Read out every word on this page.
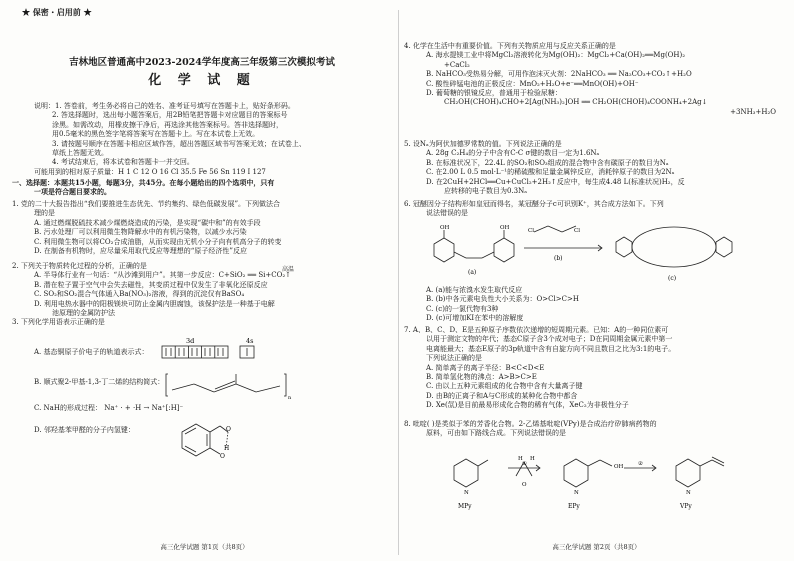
★ 保密・启用前 ★
吉林地区普通高中2023-2024学年度高三年级第三次模拟考试
化 学 试 题
说明：1. 答卷前，考生务必将自己的姓名、准考证号填写在答题卡上，贴好条形码。
2. 答选择题时，选出每小题答案后，用2B铅笔把答题卡对应题目的答案标号
涂黑。如需改动，用橡皮擦干净后，再选涂其他答案标号。答非选择题时，
用0.5毫米的黑色签字笔将答案写在答题卡上。写在本试卷上无效。
3. 请按题号顺序在答题卡相应区域作答，超出答题区域书写答案无效；在试卷上、
草纸上答题无效。
4. 考试结束后，将本试卷和答题卡一并交回。
可能用到的相对原子质量：H 1 C 12 O 16 Cl 35.5 Fe 56 Sn 119 I 127
一、选择题：本题共15小题，每题3分，共45分。在每小题给出的四个选项中，只有
一项是符合题目要求的。
1. 党的二十大报告指出“我们要推进生态优先、节约集约、绿色低碳发展”。下列做法合
理的是
A. 通过燃煤脱硫技术减少煤燃烧造成的污染，是实现“碳中和”的有效手段
B. 污水处理厂可以利用微生物降解水中的有机污染物，以减少水污染
C. 利用微生物可以将CO₂合成油脂，从而实现由无机小分子向有机高分子的转变
D. 在制备有机物时，应尽量采用取代反应等理想的“原子经济性”反应
2. 下列关于物质转化过程的分析，正确的是
A. 半导体行业有一句话：“从沙滩到用户”。其第一步反应：C+SiO₂ ══ Si+CO₂↑
高温
B. 潜在粒子置于空气中会失去磁性，其变质过程中仅发生了非氧化还原反应
C. SO₂和SO₂混合气体通入Ba(NO₃)₂溶液，得到的沉淀仅有BaSO₄
D. 利用电热水器中的阳极镁块可防止金属内胆腐蚀，该保护法是一种基于电解
池原理的金属防护法
3. 下列化学用语表示正确的是
A. 基态铜原子价电子的轨道表示式：
3d	4s
B. 顺式聚2-甲基-1,3-丁二烯的结构简式：
n
C. NaH的形成过程： Na⁺ · + ·H → Na⁺[:H]⁻
D. 邻羟基苯甲醛的分子内氢键：	O
O
H
高三化学试题 第1页（共8页）
4. 化学在生活中有重要价值。下列有关物质应用与反应关系正确的是
A. 海水提镁工业中将MgCl₂溶液转化为Mg(OH)₂：MgCl₂+Ca(OH)₂══Mg(OH)₂
+CaCl₂
B. NaHCO₃受热易分解，可用作泡沫灭火剂：2NaHCO₃ ══ Na₂CO₃+CO₂↑+H₂O
C. 酸性碎锰电池的正极反应：MnO₂+H₂O+e⁻══MnO(OH)+OH⁻
D. 葡萄糖的银镜反应，普通用于检验尿糖：
CH₂OH(CHOH)₄CHO+2[Ag(NH₃)₂]OH ══ CH₂OH(CHOH)₄COONH₄+2Ag↓
+3NH₃+H₂O
5. 设Nₐ为阿伏加德罗常数的值。下列说法正确的是
A. 28g C₂H₄的分子中含有C-C σ键的数目一定为1.6Nₐ
B. 在标准状况下，22.4L 的SO₂和SO₃组成的混合物中含有碳原子的数目为Nₐ
C. 在2.00 L 0.5 mol·L⁻¹的稀硫酸和足量金属锌反应，消耗锌原子的数目为2Nₐ
D. 在2CuH+2HCl══Cu+CuCl₂+2H₂↑反应中，每生成4.48 L(标准状况)H₂，反
应转移的电子数目为0.3Nₐ
6. 冠醚因分子结构形如皇冠而得名，某冠醚分子c可识别K⁺，其合成方法如下。下列
说法错误的是
OH	OH	Cl	Cl
(a)
(b)
(c)
A. (a)能与浓溴水发生取代反应
B. (b)中各元素电负性大小关系为：O>Cl>C>H
C. (c)的一氯代物有3种
D. (c)可增加KI在苯中的溶解度
7. A、B、C、D、E是五种原子序数依次递增的短周期元素。已知：A的一种同位素可
以用于测定文物的年代；基态C原子含3个成对电子；D在同周期金属元素中第一
电离能最大；基态E原子的3p轨道中含有自旋方向不同且数目之比为3:1的电子。
下列说法正确的是
A. 简单离子的离子半径：B<C<D<E
B. 简单氢化物的沸点：A>B>C>E
C. 由以上五种元素组成的化合物中含有大量离子键
D. 由B的正离子和A与C形成的某种化合物中都含
D. Xe(氙)是目前最易形成化合物的稀有气体，XeC₂为非极性分子
8. 吡啶( )是类似于苯的芳香化合物。2-乙烯基吡啶(VPy)是合成治疗矽肺病药物的
原料，可由如下路线合成。下列说法错误的是
N	N	N
OH
H H
O
①	②
MPy	EPy	VPy
高三化学试题 第2页（共8页）
